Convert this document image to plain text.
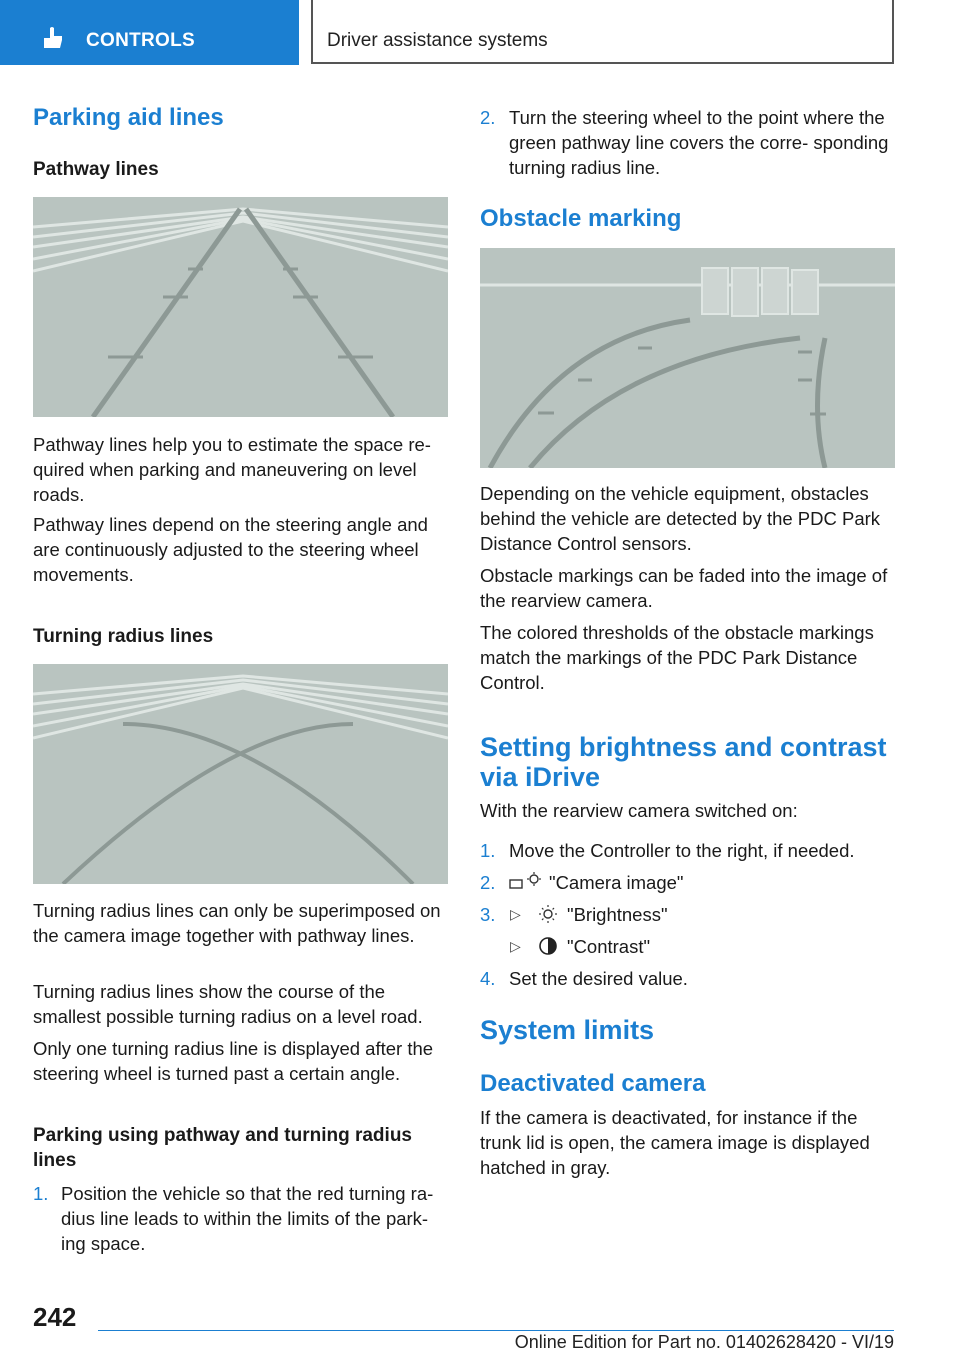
CONTROLS	Driver assistance systems
Parking aid lines
Pathway lines

Pathway lines help you to estimate the space re‑ quired when parking and maneuvering on level roads.

Pathway lines depend on the steering angle and are continuously adjusted to the steering wheel movements.

Turning radius lines

Turning radius lines can only be superimposed on the camera image together with pathway lines.

Turning radius lines show the course of the smallest possible turning radius on a level road.

Only one turning radius line is displayed after the steering wheel is turned past a certain angle.

Parking using pathway and turning radius lines
1. Position the vehicle so that the red turning ra‑ dius line leads to within the limits of the park‑ ing space.

2. Turn the steering wheel to the point where the green pathway line covers the corre‑ sponding turning radius line.

Obstacle marking

Depending on the vehicle equipment, obstacles behind the vehicle are detected by the PDC Park Distance Control sensors.

Obstacle markings can be faded into the image of the rearview camera.

The colored thresholds of the obstacle markings match the markings of the PDC Park Distance Control.

Setting brightness and contrast via iDrive

With the rearview camera switched on:

1. Move the Controller to the right, if needed.

2.	"Camera image"

3. ▷ "Brightness"

▷ "Contrast"

4. Set the desired value.

System limits
Deactivated camera

If the camera is deactivated, for instance if the trunk lid is open, the camera image is displayed hatched in gray.

242
Online Edition for Part no. 01402628420 - VI/19
